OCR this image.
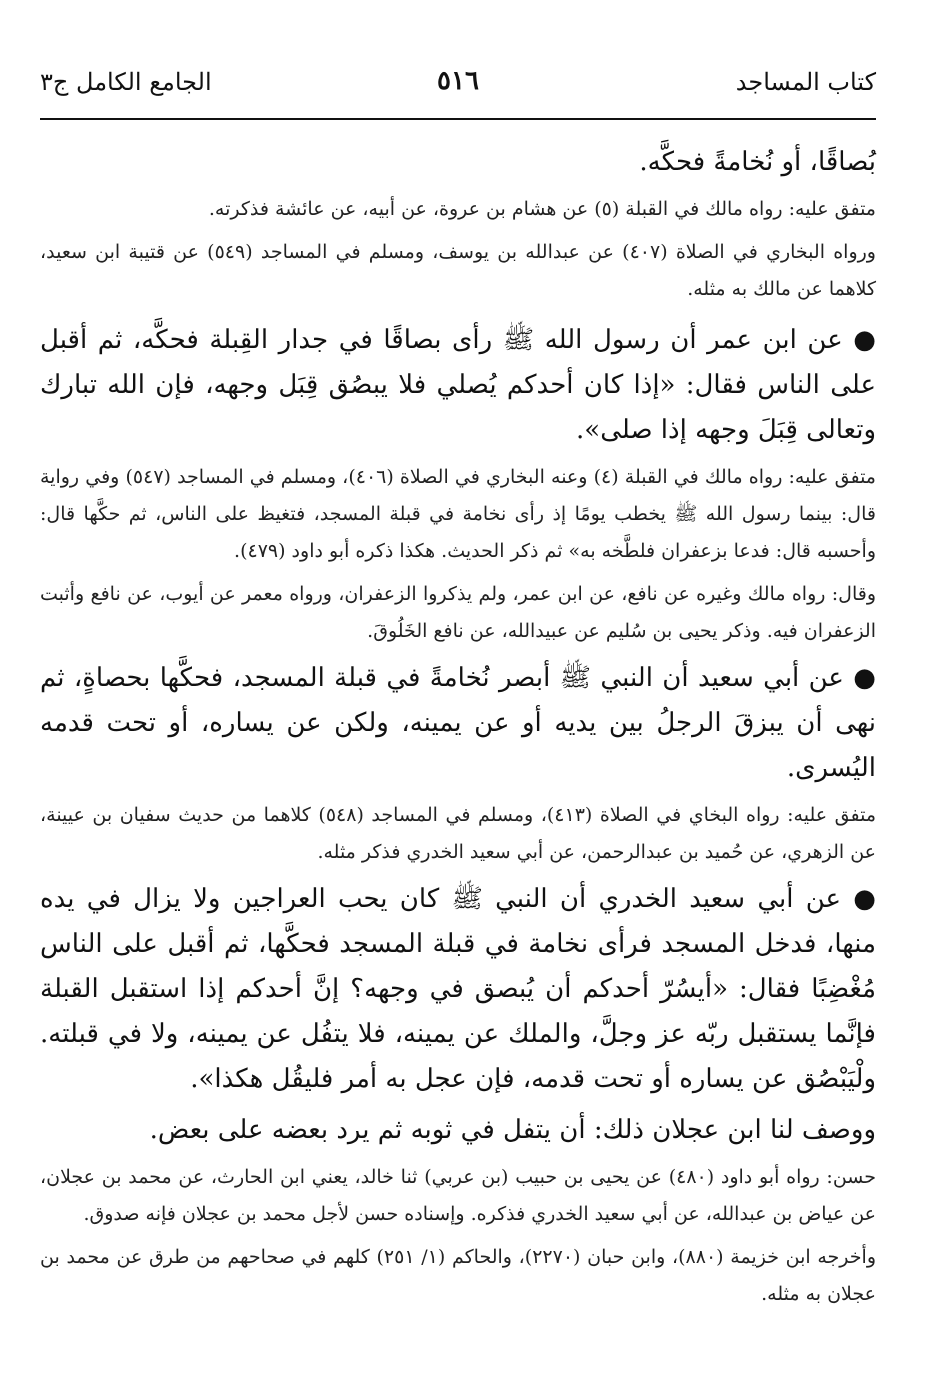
كتاب المساجد
٥١٦
الجامع الكامل ج٣

بُصاقًا، أو نُخامةً فحكَّه.

متفق عليه: رواه مالك في القبلة (٥) عن هشام بن عروة، عن أبيه، عن عائشة فذكرته.

ورواه البخاري في الصلاة (٤٠٧) عن عبدالله بن يوسف، ومسلم في المساجد (٥٤٩) عن قتيبة ابن سعيد، كلاهما عن مالك به مثله.

● عن ابن عمر أن رسول الله ﷺ رأى بصاقًا في جدار القِبلة فحكَّه، ثم أقبل على الناس فقال: «إذا كان أحدكم يُصلي فلا يبصُق قِبَل وجهه، فإن الله تبارك وتعالى قِبَلَ وجهه إذا صلى».

متفق عليه: رواه مالك في القبلة (٤) وعنه البخاري في الصلاة (٤٠٦)، ومسلم في المساجد (٥٤٧) وفي رواية قال: بينما رسول الله ﷺ يخطب يومًا إذ رأى نخامة في قبلة المسجد، فتغيظ على الناس، ثم حكَّها قال: وأحسبه قال: فدعا بزعفران فلطَّخه به» ثم ذكر الحديث. هكذا ذكره أبو داود (٤٧٩).

وقال: رواه مالك وغيره عن نافع، عن ابن عمر، ولم يذكروا الزعفران، ورواه معمر عن أيوب، عن نافع وأثبت الزعفران فيه. وذكر يحيى بن سُليم عن عبيدالله، عن نافع الخَلُوقَ.

● عن أبي سعيد أن النبي ﷺ أبصر نُخامةً في قبلة المسجد، فحكَّها بحصاةٍ، ثم نهى أن يبزقَ الرجلُ بين يديه أو عن يمينه، ولكن عن يساره، أو تحت قدمه اليُسرى.

متفق عليه: رواه البخاي في الصلاة (٤١٣)، ومسلم في المساجد (٥٤٨) كلاهما من حديث سفيان بن عيينة، عن الزهري، عن حُميد بن عبدالرحمن، عن أبي سعيد الخدري فذكر مثله.

● عن أبي سعيد الخدري أن النبي ﷺ كان يحب العراجين ولا يزال في يده منها، فدخل المسجد فرأى نخامة في قبلة المسجد فحكَّها، ثم أقبل على الناس مُغْضِبًا فقال: «أيسُرّ أحدكم أن يُبصق في وجهه؟ إنَّ أحدكم إذا استقبل القبلة فإنَّما يستقبل ربّه عز وجلَّ، والملك عن يمينه، فلا يتفُل عن يمينه، ولا في قبلته. ولْيَبْصُق عن يساره أو تحت قدمه، فإن عجل به أمر فليقُل هكذا».

ووصف لنا ابن عجلان ذلك: أن يتفل في ثوبه ثم يرد بعضه على بعض.

حسن: رواه أبو داود (٤٨٠) عن يحيى بن حبيب (بن عربي) ثنا خالد، يعني ابن الحارث، عن محمد بن عجلان، عن عياض بن عبدالله، عن أبي سعيد الخدري فذكره. وإسناده حسن لأجل محمد بن عجلان فإنه صدوق.

وأخرجه ابن خزيمة (٨٨٠)، وابن حبان (٢٢٧٠)، والحاكم (١/ ٢٥١) كلهم في صحاحهم من طرق عن محمد بن عجلان به مثله.
